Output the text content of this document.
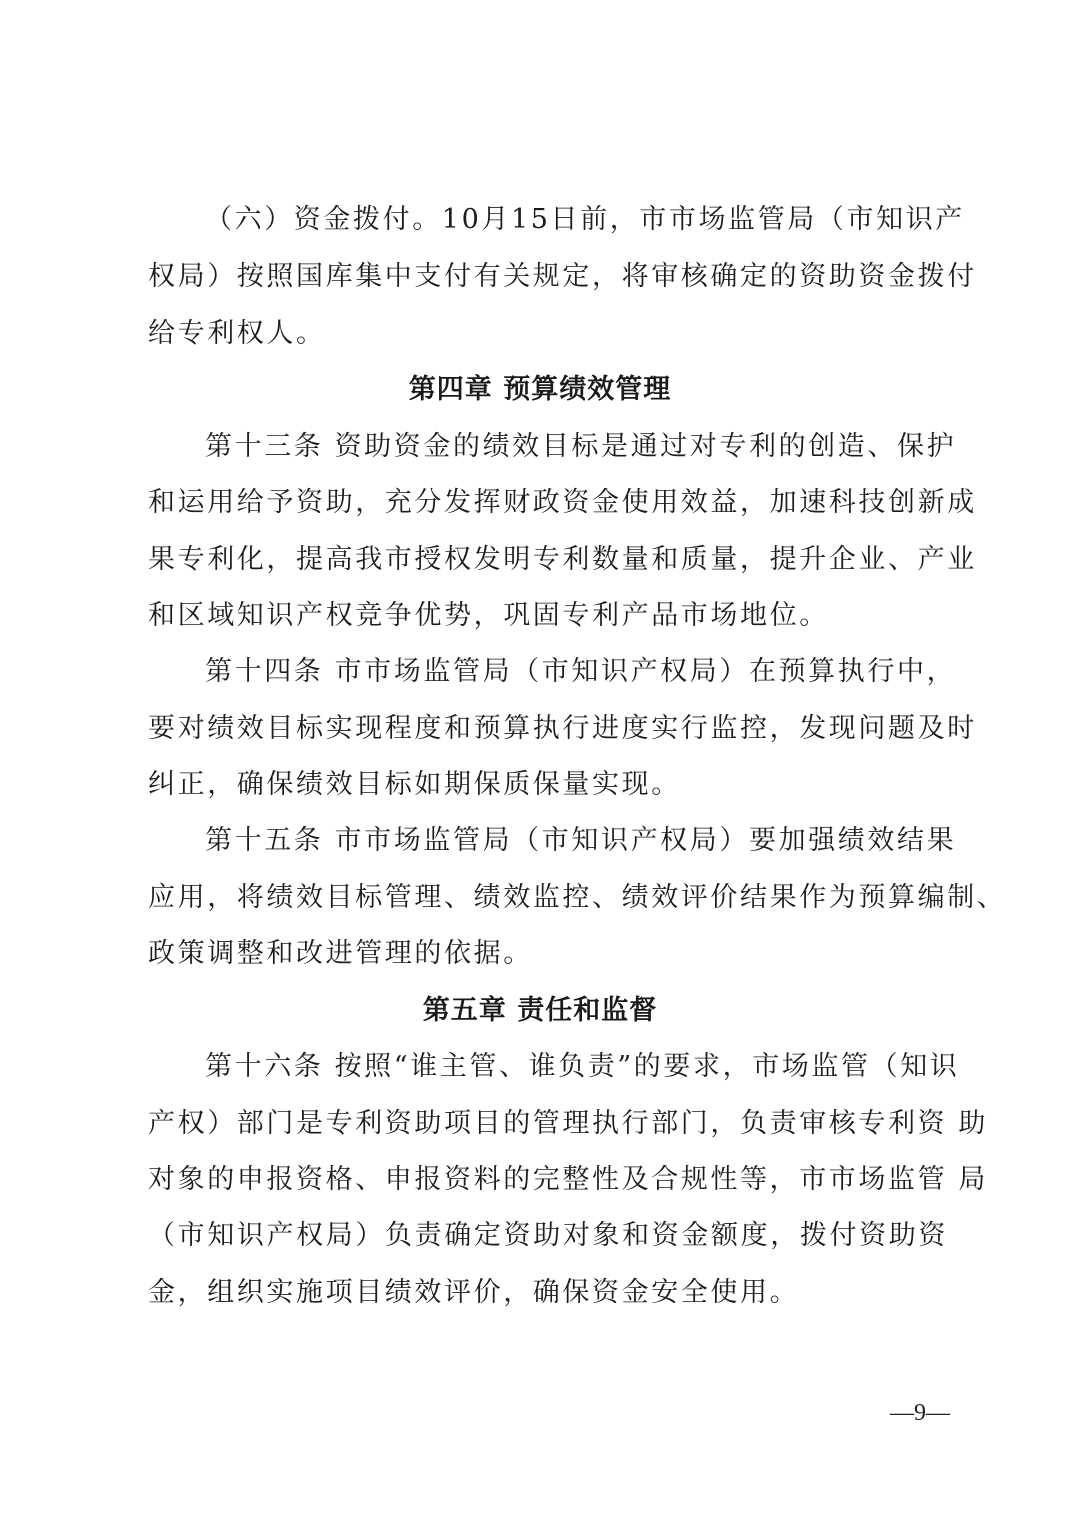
（六）资金拨付。10月15日前，市市场监管局（市知识产
权局）按照国库集中支付有关规定，将审核确定的资助资金拨付
给专利权人。
第四章 预算绩效管理
第十三条 资助资金的绩效目标是通过对专利的创造、保护
和运用给予资助，充分发挥财政资金使用效益，加速科技创新成
果专利化，提高我市授权发明专利数量和质量，提升企业、产业
和区域知识产权竞争优势，巩固专利产品市场地位。
第十四条 市市场监管局（市知识产权局）在预算执行中，
要对绩效目标实现程度和预算执行进度实行监控，发现问题及时
纠正，确保绩效目标如期保质保量实现。
第十五条 市市场监管局（市知识产权局）要加强绩效结果
应用，将绩效目标管理、绩效监控、绩效评价结果作为预算编制、
政策调整和改进管理的依据。
第五章 责任和监督
第十六条 按照“谁主管、谁负责”的要求，市场监管（知识
产权）部门是专利资助项目的管理执行部门，负责审核专利资 助
对象的申报资格、申报资料的完整性及合规性等，市市场监管 局
（市知识产权局）负责确定资助对象和资金额度，拨付资助资
金，组织实施项目绩效评价，确保资金安全使用。
—9—
